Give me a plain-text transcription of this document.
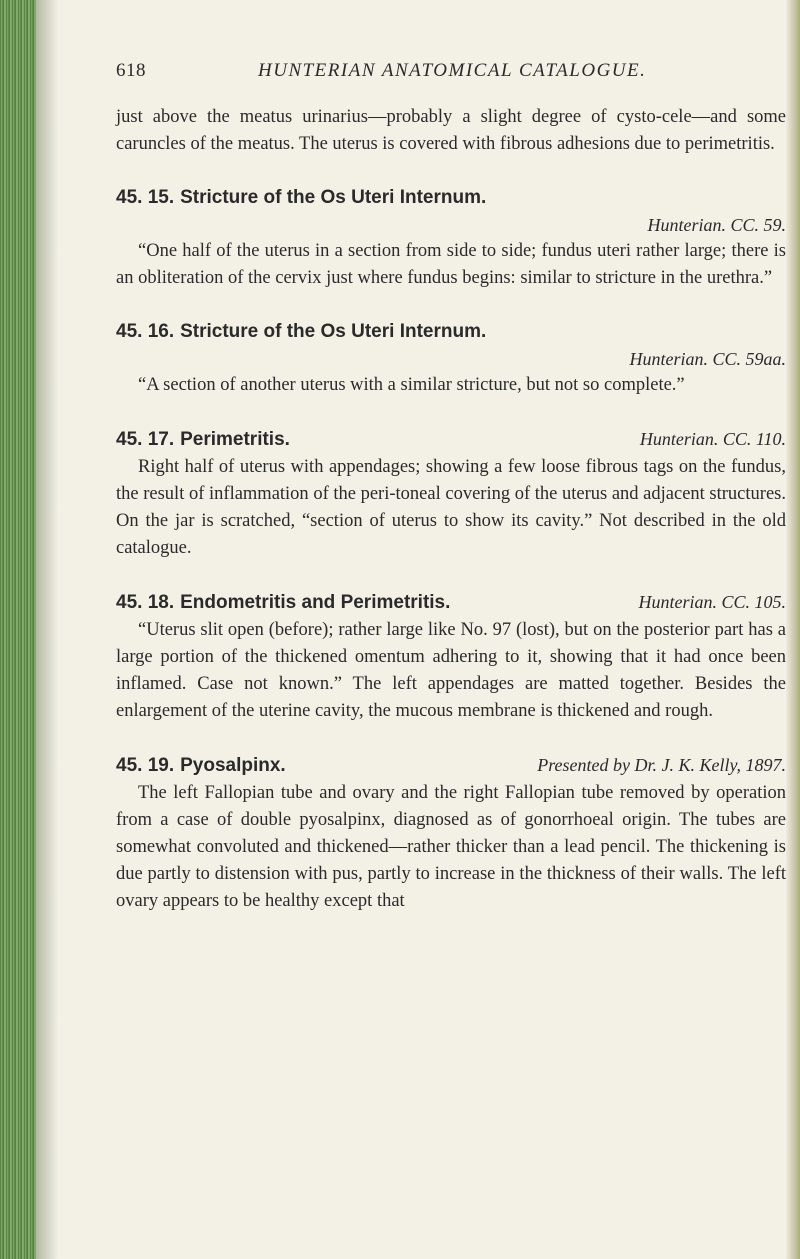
618	HUNTERIAN ANATOMICAL CATALOGUE.

just above the meatus urinarius—probably a slight degree of cysto-cele—and some caruncles of the meatus. The uterus is covered with fibrous adhesions due to perimetritis.

45. 15. Stricture of the Os Uteri Internum.
Hunterian. CC. 59.

“One half of the uterus in a section from side to side; fundus uteri rather large; there is an obliteration of the cervix just where fundus begins: similar to stricture in the urethra.”

45. 16. Stricture of the Os Uteri Internum.
Hunterian. CC. 59aa.

“A section of another uterus with a similar stricture, but not so complete.”

45. 17. Perimetritis.	Hunterian. CC. 110.

Right half of uterus with appendages; showing a few loose fibrous tags on the fundus, the result of inflammation of the peri-toneal covering of the uterus and adjacent structures. On the jar is scratched, “section of uterus to show its cavity.” Not described in the old catalogue.

45. 18. Endometritis and Perimetritis.	Hunterian. CC. 105.

“Uterus slit open (before); rather large like No. 97 (lost), but on the posterior part has a large portion of the thickened omentum adhering to it, showing that it had once been inflamed. Case not known.” The left appendages are matted together. Besides the enlargement of the uterine cavity, the mucous membrane is thickened and rough.

45. 19. Pyosalpinx.	Presented by Dr. J. K. Kelly, 1897.

The left Fallopian tube and ovary and the right Fallopian tube removed by operation from a case of double pyosalpinx, diagnosed as of gonorrhoeal origin. The tubes are somewhat convoluted and thickened—rather thicker than a lead pencil. The thickening is due partly to distension with pus, partly to increase in the thickness of their walls. The left ovary appears to be healthy except that
